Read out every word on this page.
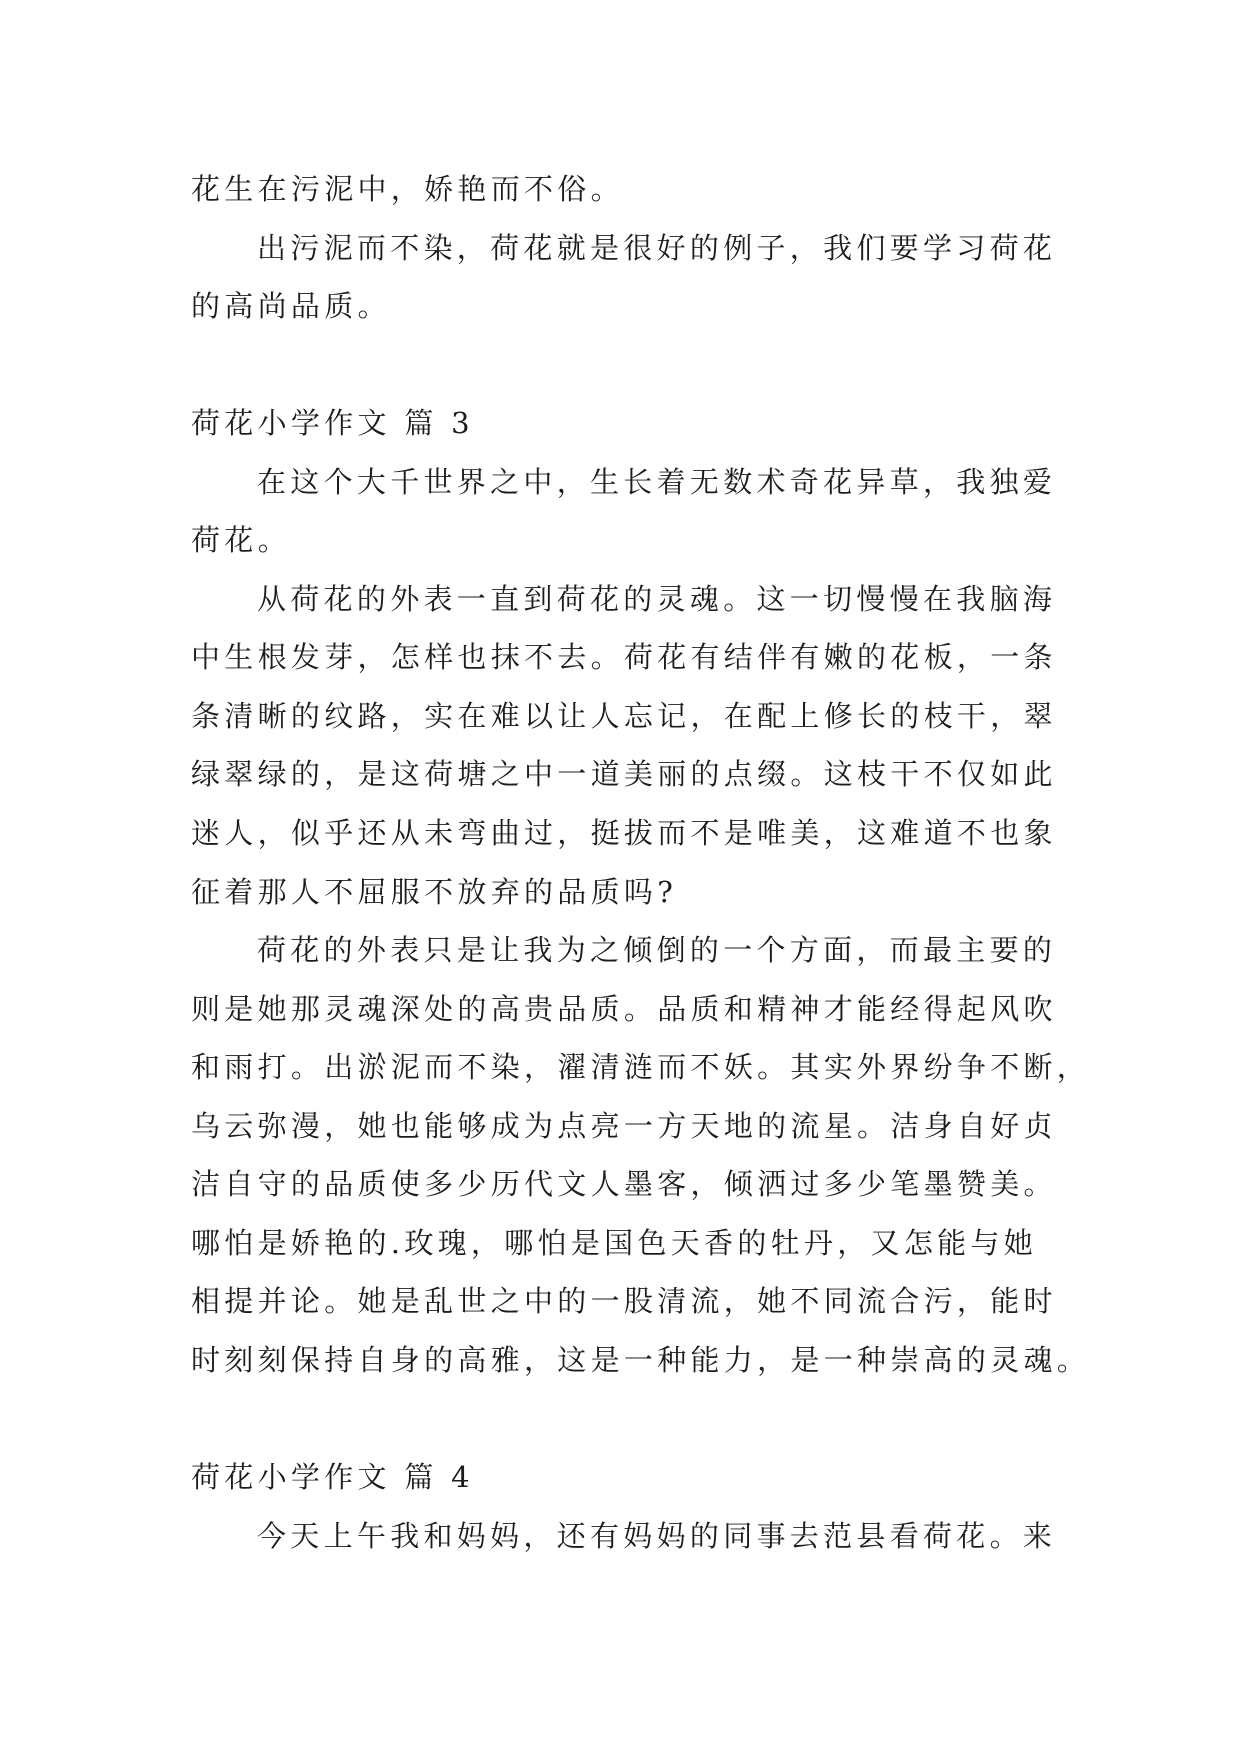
花生在污泥中，娇艳而不俗。
出污泥而不染，荷花就是很好的例子，我们要学习荷花
的高尚品质。
荷花小学作文 篇 3
在这个大千世界之中，生长着无数术奇花异草，我独爱
荷花。
从荷花的外表一直到荷花的灵魂。这一切慢慢在我脑海
中生根发芽，怎样也抹不去。荷花有结伴有嫩的花板，一条
条清晰的纹路，实在难以让人忘记，在配上修长的枝干，翠
绿翠绿的，是这荷塘之中一道美丽的点缀。这枝干不仅如此
迷人，似乎还从未弯曲过，挺拔而不是唯美，这难道不也象
征着那人不屈服不放弃的品质吗?
荷花的外表只是让我为之倾倒的一个方面，而最主要的
则是她那灵魂深处的高贵品质。品质和精神才能经得起风吹
和雨打。出淤泥而不染，濯清涟而不妖。其实外界纷争不断，
乌云弥漫，她也能够成为点亮一方天地的流星。洁身自好贞
洁自守的品质使多少历代文人墨客，倾洒过多少笔墨赞美。
哪怕是娇艳的.玫瑰，哪怕是国色天香的牡丹，又怎能与她
相提并论。她是乱世之中的一股清流，她不同流合污，能时
时刻刻保持自身的高雅，这是一种能力，是一种崇高的灵魂。
荷花小学作文 篇 4
今天上午我和妈妈，还有妈妈的同事去范县看荷花。来
